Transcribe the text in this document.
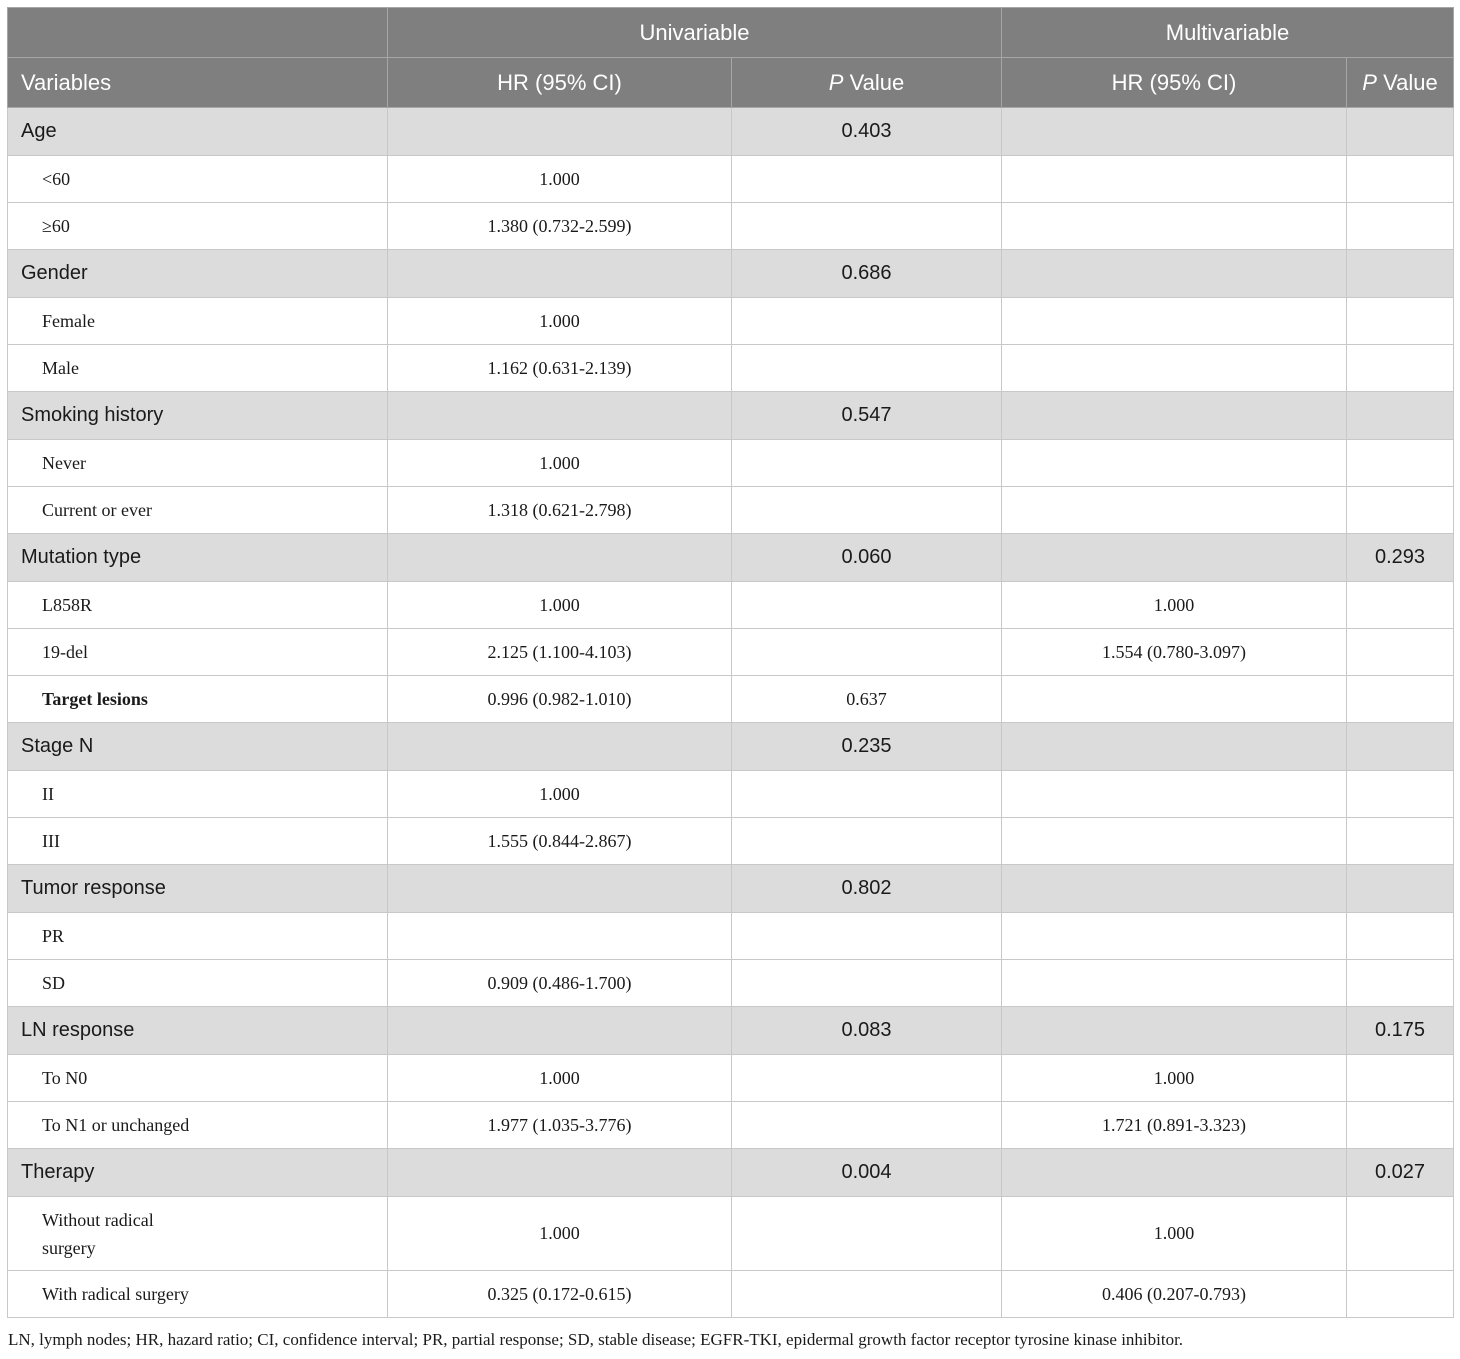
	Univariable		Multivariable	
Variables	HR (95% CI)	P Value	HR (95% CI)	P Value
Age		0.403		
<60	1.000			
≥60	1.380 (0.732-2.599)			
Gender		0.686		
Female	1.000			
Male	1.162 (0.631-2.139)			
Smoking history		0.547		
Never	1.000			
Current or ever	1.318 (0.621-2.798)			
Mutation type		0.060		0.293
L858R	1.000		1.000	
19-del	2.125 (1.100-4.103)		1.554 (0.780-3.097)	
Target lesions	0.996 (0.982-1.010)	0.637		
Stage N		0.235		
II	1.000			
III	1.555 (0.844-2.867)			
Tumor response		0.802		
PR				
SD	0.909 (0.486-1.700)			
LN response		0.083		0.175
To N0	1.000		1.000	
To N1 or unchanged	1.977 (1.035-3.776)		1.721 (0.891-3.323)	
Therapy		0.004		0.027
Without radical
surgery	1.000		1.000	
With radical surgery	0.325 (0.172-0.615)		0.406 (0.207-0.793)	
LN, lymph nodes; HR, hazard ratio; CI, confidence interval; PR, partial response; SD, stable disease; EGFR-TKI, epidermal growth factor receptor tyrosine kinase inhibitor.
